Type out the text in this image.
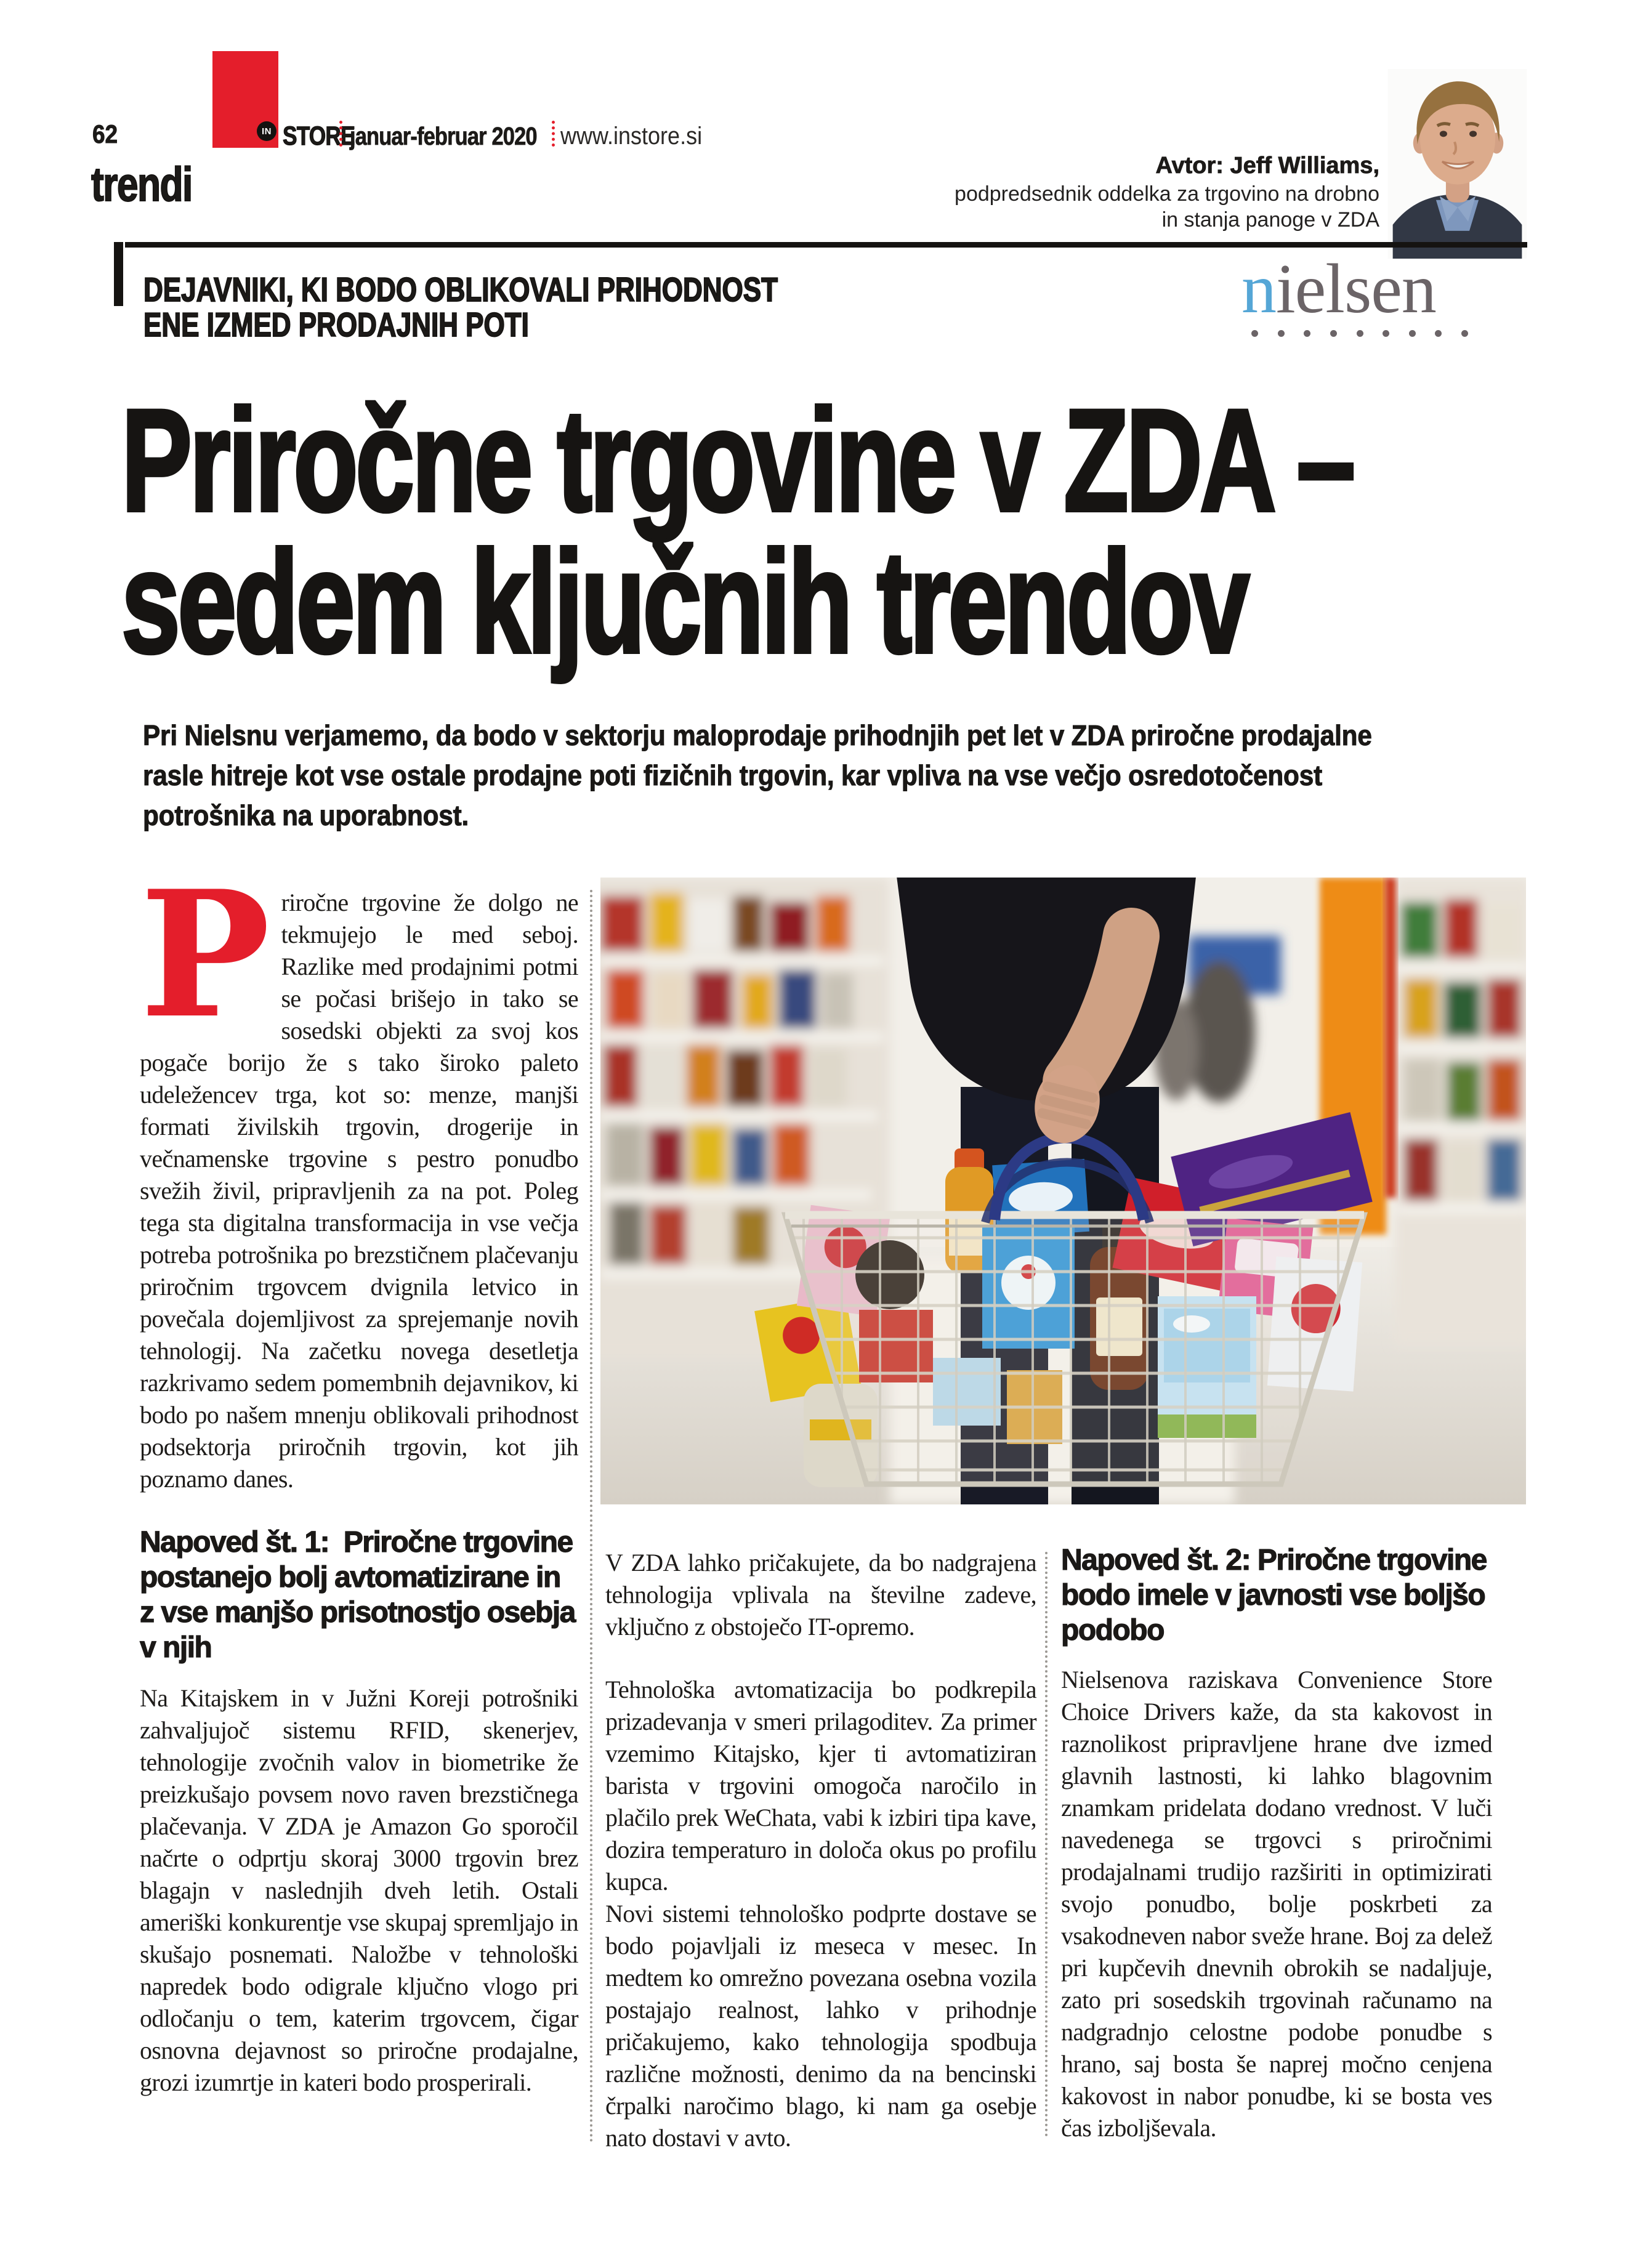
62	IN STORE
januar-februar 2020 www.instore.si
trendi	Avtor: Jeff Williams,
podpredsednik oddelka za trgovino na drobno
in stanja panoge v ZDA
DEJAVNIKI, KI BODO OBLIKOVALI PRIHODNOST
ENE IZMED PRODAJNIH POTI	nielsen
Priročne trgovine v ZDA –
sedem ključnih trendov
Pri Nielsnu verjamemo, da bodo v sektorju maloprodaje prihodnjih pet let v ZDA priročne prodajalne rasle hitreje kot vse ostale prodajne poti fizičnih trgovin, kar vpliva na vse večjo osredotočenost potrošnika na uporabnost.

Priročne trgovine že dolgo ne tekmujejo le med seboj. Razlike med prodajnimi potmi se počasi brišejo in tako se sosedski objekti za svoj kos pogače borijo že s tako široko paleto udeležencev trga, kot so: menze, manjši formati živilskih trgovin, drogerije in večnamenske trgovine s pestro ponudbo svežih živil, pripravljenih za na pot. Poleg tega sta digitalna transformacija in vse večja potreba potrošnika po brezstičnem plačevanju priročnim trgovcem dvignila letvico in povečala dojemljivost za sprejemanje novih tehnologij. Na začetku novega desetletja razkrivamo sedem pomembnih dejavnikov, ki bodo po našem mnenju oblikovali prihodnost podsektorja priročnih trgovin, kot jih poznamo danes.

Napoved št. 1:  Priročne trgovine postanejo bolj avtomatizirane in z vse manjšo prisotnostjo osebja v njih

Na Kitajskem in v Južni Koreji potrošniki zahvaljujoč sistemu RFID, skenerjev, tehnologije zvočnih valov in biometrike že preizkušajo povsem novo raven brezstičnega plačevanja. V ZDA je Amazon Go sporočil načrte o odprtju skoraj 3000 trgovin brez blagajn v naslednjih dveh letih. Ostali ameriški konkurentje vse skupaj spremljajo in skušajo posnemati. Naložbe v tehnološki napredek bodo odigrale ključno vlogo pri odločanju o tem, katerim trgovcem, čigar osnovna dejavnost so priročne prodajalne, grozi izumrtje in kateri bodo prosperirali.

V ZDA lahko pričakujete, da bo nadgrajena tehnologija vplivala na številne zadeve, vključno z obstoječo IT-opremo.

Tehnološka avtomatizacija bo podkrepila prizadevanja v smeri prilagoditev. Za primer vzemimo Kitajsko, kjer ti avtomatiziran barista v trgovini omogoča naročilo in plačilo prek WeChata, vabi k izbiri tipa kave, dozira temperaturo in določa okus po profilu kupca.

Novi sistemi tehnološko podprte dostave se bodo pojavljali iz meseca v mesec. In medtem ko omrežno povezana osebna vozila postajajo realnost, lahko v prihodnje pričakujemo, kako tehnologija spodbuja različne možnosti, denimo da na bencinski črpalki naročimo blago, ki nam ga osebje nato dostavi v avto.

Napoved št. 2: Priročne trgovine bodo imele v javnosti vse boljšo podobo

Nielsenova raziskava Convenience Store Choice Drivers kaže, da sta kakovost in raznolikost pripravljene hrane dve izmed glavnih lastnosti, ki lahko blagovnim znamkam pridelata dodano vrednost. V luči navedenega se trgovci s priročnimi prodajalnami trudijo razširiti in optimizirati svojo ponudbo, bolje poskrbeti za vsakodneven nabor sveže hrane. Boj za delež pri kupčevih dnevnih obrokih se nadaljuje, zato pri sosedskih trgovinah računamo na nadgradnjo celostne podobe ponudbe s hrano, saj bosta še naprej močno cenjena kakovost in nabor ponudbe, ki se bosta ves čas izboljševala.
